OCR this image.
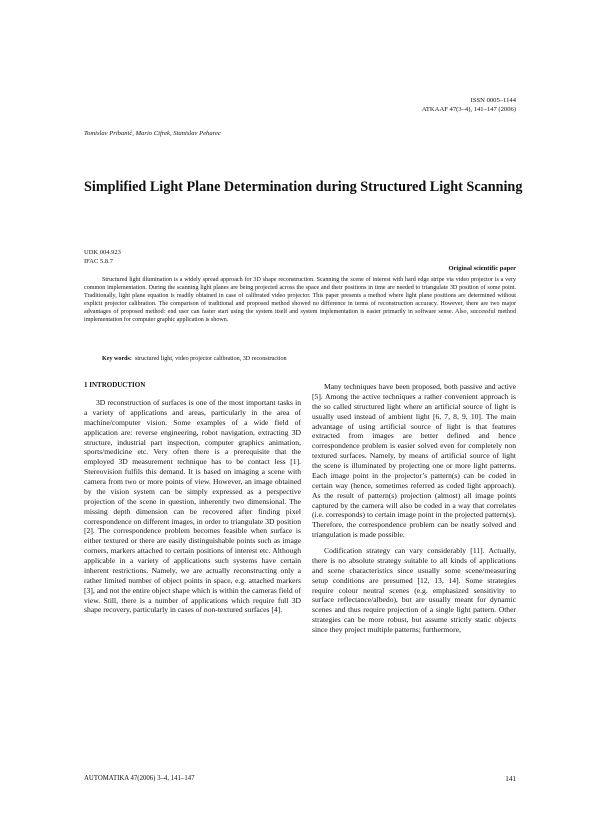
ISSN 0005–1144
ATKAAF 47(3–4), 141–147 (2006)
Tomislav Pribanić, Mario Cifrek, Stanislav Peharec
Simplified Light Plane Determination during Structured Light Scanning
UDK 004.923
IFAC 5.8.7
Original scientific paper

Structured light illumination is a widely spread approach for 3D shape reconstruction. Scanning the scene of interest with hard edge stripe via video projector is a very common implementation. During the scanning light planes are being projected across the space and their positions in time are needed to triangulate 3D position of some point. Traditionally, light plane equation is readily obtained in case of calibrated video projector. This paper presents a method where light plane positions are determined without explicit projector calibration. The comparison of traditional and proposed method showed no difference in terms of reconstruction accuracy. However, there are two major advantages of proposed method: end user can faster start using the system itself and system implementation is easier primarily in software sense. Also, successful method implementation for computer graphic application is shown.

Key words: structured light, video projector calibration, 3D reconstruction
1 INTRODUCTION

3D reconstruction of surfaces is one of the most important tasks in a variety of applications and areas, particularly in the area of machine/computer vision. Some examples of a wide field of application are: reverse engineering, robot navigation, extracting 3D structure, industrial part inspection, computer graphics animation, sports/medicine etc. Very often there is a prerequisite that the employed 3D measurement technique has to be contact less [1]. Stereovision fulfils this demand. It is based on imaging a scene with camera from two or more points of view. However, an image obtained by the vision system can be simply expressed as a perspective projection of the scene in question, inherently two dimensional. The missing depth dimension can be recovered after finding pixel correspondence on different images, in order to triangulate 3D position [2]. The correspondence problem becomes feasible when surface is either textured or there are easily distinguishable points such as image corners, markers attached to certain positions of interest etc. Although applicable in a variety of applications such systems have certain inherent restrictions. Namely, we are actually reconstructing only a rather limited number of object points in space, e.g. attached markers [3], and not the entire object shape which is within the cameras field of view. Still, there is a number of applications which require full 3D shape recovery, particularly in cases of non-textured surfaces [4].

Many techniques have been proposed, both passive and active [5]. Among the active techniques a rather convenient approach is the so called structured light where an artificial source of light is usually used instead of ambient light [6, 7, 8, 9, 10]. The main advantage of using artificial source of light is that features extracted from images are better defined and hence correspondence problem is easier solved even for completely non textured surfaces. Namely, by means of artificial source of light the scene is illuminated by projecting one or more light patterns. Each image point in the projector’s pattern(s) can be coded in certain way (hence, sometimes referred as coded light approach). As the result of pattern(s) projection (almost) all image points captured by the camera will also be coded in a way that correlates (i.e. corresponds) to certain image point in the projected pattern(s). Therefore, the correspondence problem can be neatly solved and triangulation is made possible.

Codification strategy can vary considerably [11]. Actually, there is no absolute strategy suitable to all kinds of applications and scene characteristics since usually some scene/measuring setup conditions are presumed [12, 13, 14]. Some strategies require colour neutral scenes (e.g. emphasized sensitivity to surface reflectance/albedo), but are usually meant for dynamic scenes and thus require projection of a single light pattern. Other strategies can be more robust, but assume strictly static objects since they project multiple patterns; furthermore,

AUTOMATIKA 47(2006) 3–4, 141–147	141
